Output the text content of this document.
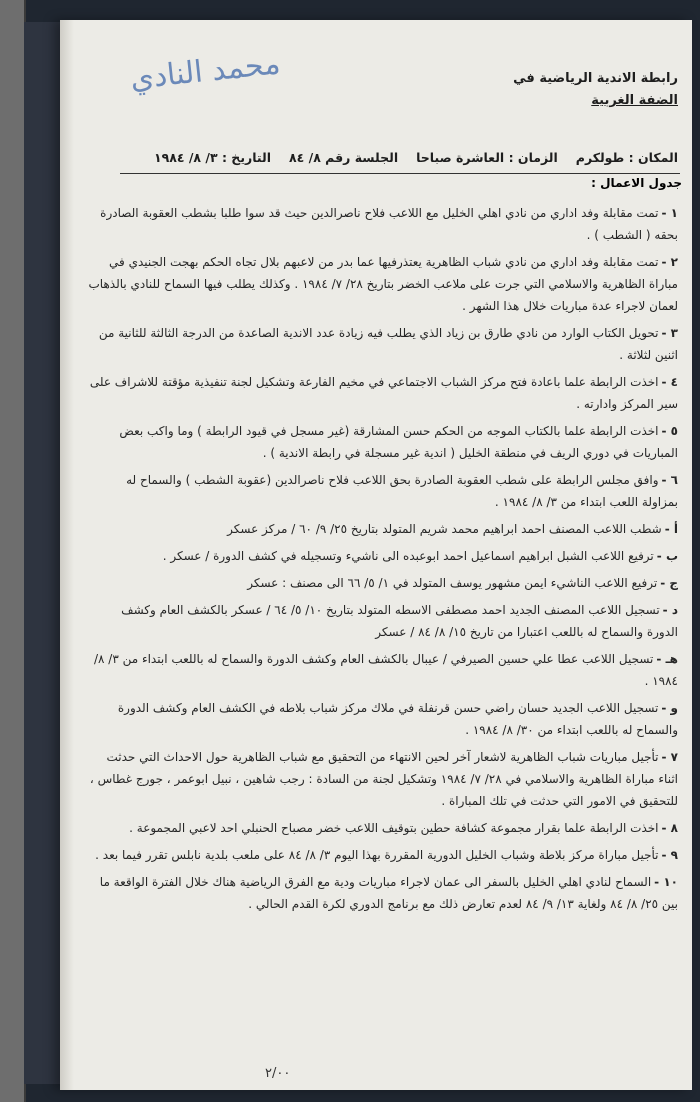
محمد النادي	رابطة الاندية الرياضية في
الضفة الغربية
المكان : طولكرم
الزمان : العاشرة صباحا
الجلسة رقم ٨/ ٨٤
التاريخ : ٣/ ٨/ ١٩٨٤
جدول الاعمال :
١ -تمت مقابلة وفد اداري من نادي اهلي الخليل مع اللاعب فلاح ناصرالدين حيث قد سوا طلبا بشطب العقوبة الصادرة بحقه ( الشطب ) .
٢ -تمت مقابلة وفد اداري من نادي شباب الظاهرية يعتذرفيها عما بدر من لاعبهم بلال تجاه الحكم بهجت الجنيدي في مباراة الظاهرية والاسلامي التي جرت على ملاعب الخضر بتاريخ ٢٨/ ٧/ ١٩٨٤ . وكذلك يطلب فيها السماح للنادي بالذهاب لعمان لاجراء عدة مباريات خلال هذا الشهر .
٣ -تحويل الكتاب الوارد من نادي طارق بن زياد الذي يطلب فيه زيادة عدد الاندية الصاعدة من الدرجة الثالثة للثانية من اثنين لثلاثة .
٤ -اخذت الرابطة علما باعادة فتح مركز الشباب الاجتماعي في مخيم الفارعة وتشكيل لجنة تنفيذية مؤقتة للاشراف على سير المركز وادارته .
٥ -اخذت الرابطة علما بالكتاب الموجه من الحكم حسن المشارقة (غير مسجل في قيود الرابطة ) وما واكب بعض المباريات في دوري الريف في منطقة الخليل ( اندية غير مسجلة في رابطة الاندية ) .
٦ -وافق مجلس الرابطة على شطب العقوبة الصادرة بحق اللاعب فلاح ناصرالدين (عقوبة الشطب ) والسماح له بمزاولة اللعب ابتداء من ٣/ ٨/ ١٩٨٤ .
أ -شطب اللاعب المصنف احمد ابراهيم محمد شريم المتولد بتاريخ ٢٥/ ٩/ ٦٠ / مركز عسكر
ب -ترفيع اللاعب الشبل ابراهيم اسماعيل احمد ابوعبده الى ناشيء وتسجيله في كشف الدورة / عسكر .
ج -ترفيع اللاعب الناشيء ايمن مشهور يوسف المتولد في ١/ ٥/ ٦٦ الى مصنف : عسكر
د -تسجيل اللاعب المصنف الجديد احمد مصطفى الاسطه المتولد بتاريخ ١٠/ ٥/ ٦٤ / عسكر بالكشف العام وكشف الدورة والسماح له باللعب اعتبارا من تاريخ ١٥/ ٨/ ٨٤ / عسكر
هـ -تسجيل اللاعب عطا علي حسين الصيرفي / عيبال بالكشف العام وكشف الدورة والسماح له باللعب ابتداء من ٣/ ٨/ ١٩٨٤ .
و -تسجيل اللاعب الجديد حسان راضي حسن قرنفلة في ملاك مركز شباب بلاطه في الكشف العام وكشف الدورة والسماح له باللعب ابتداء من ٣٠/ ٨/ ١٩٨٤ .
٧ -تأجيل مباريات شباب الظاهرية لاشعار آخر لحين الانتهاء من التحقيق مع شباب الظاهرية حول الاحداث التي حدثت اثناء مباراة الظاهرية والاسلامي في ٢٨/ ٧/ ١٩٨٤ وتشكيل لجنة من السادة : رجب شاهين ، نبيل ابوعمر ، جورج غطاس ، للتحقيق في الامور التي حدثت في تلك المباراة .
٨ -اخذت الرابطة علما بقرار مجموعة كشافة حطين بتوقيف اللاعب خضر مصباح الحنبلي احد لاعبي المجموعة .
٩ -تأجيل مباراة مركز بلاطة وشباب الخليل الدورية المقررة بهذا اليوم ٣/ ٨/ ٨٤ على ملعب بلدية نابلس تقرر فيما بعد .
١٠ -السماح لنادي اهلي الخليل بالسفر الى عمان لاجراء مباريات ودية مع الفرق الرياضية هناك خلال الفترة الواقعة ما بين ٢٥/ ٨/ ٨٤ ولغاية ١٣/ ٩/ ٨٤ لعدم تعارض ذلك مع برنامج الدوري لكرة القدم الحالي .
٢/٠٠
